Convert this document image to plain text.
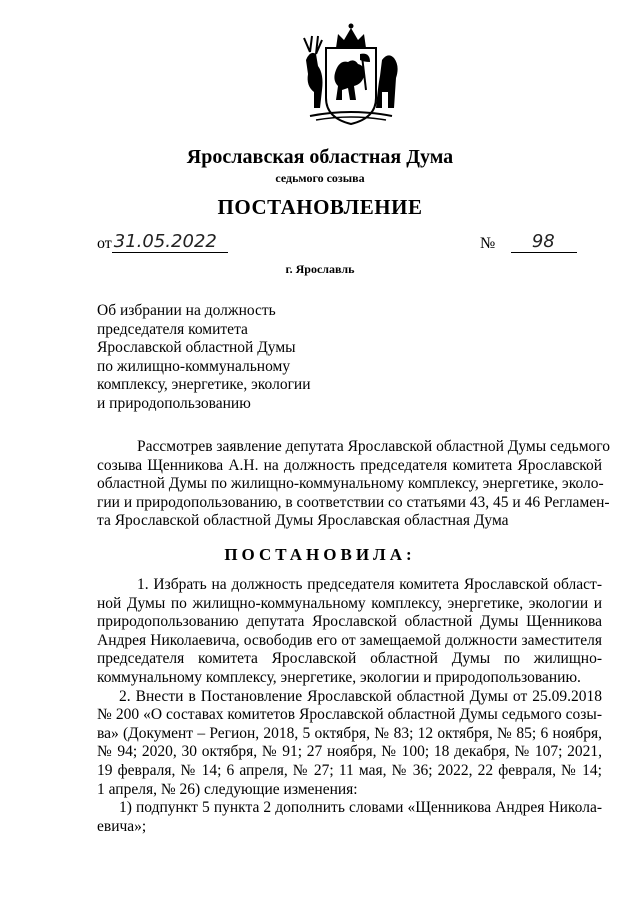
Ярославская областная Дума
седьмого созыва
ПОСТАНОВЛЕНИЕ
от 31.05.2022	№	98
г. Ярославль
Об избрании на должность
председателя комитета
Ярославской областной Думы
по жилищно-коммунальному
комплексу, энергетике, экологии
и природопользованию
Рассмотрев заявление депутата Ярославской областной Думы седьмого
созыва Щенникова А.Н. на должность председателя комитета Ярославской
областной Думы по жилищно-коммунальному комплексу, энергетике, эколо-
гии и природопользованию, в соответствии со статьями 43, 45 и 46 Регламен-
та Ярославской областной Думы Ярославская областная Дума
ПОСТАНОВИЛА:
1. Избрать на должность председателя комитета Ярославской област-
ной Думы по жилищно-коммунальному комплексу, энергетике, экологии и
природопользованию депутата Ярославской областной Думы Щенникова
Андрея Николаевича, освободив его от замещаемой должности заместителя
председателя комитета Ярославской областной Думы по жилищно-
коммунальному комплексу, энергетике, экологии и природопользованию.
2. Внести в Постановление Ярославской областной Думы от 25.09.2018
№ 200 «О составах комитетов Ярославской областной Думы седьмого созы-
ва» (Документ – Регион, 2018, 5 октября, № 83; 12 октября, № 85; 6 ноября,
№ 94; 2020, 30 октября, № 91; 27 ноября, № 100; 18 декабря, № 107; 2021,
19 февраля, № 14; 6 апреля, № 27; 11 мая, № 36; 2022, 22 февраля, № 14;
1 апреля, № 26) следующие изменения:
1) подпункт 5 пункта 2 дополнить словами «Щенникова Андрея Никола-
евича»;
